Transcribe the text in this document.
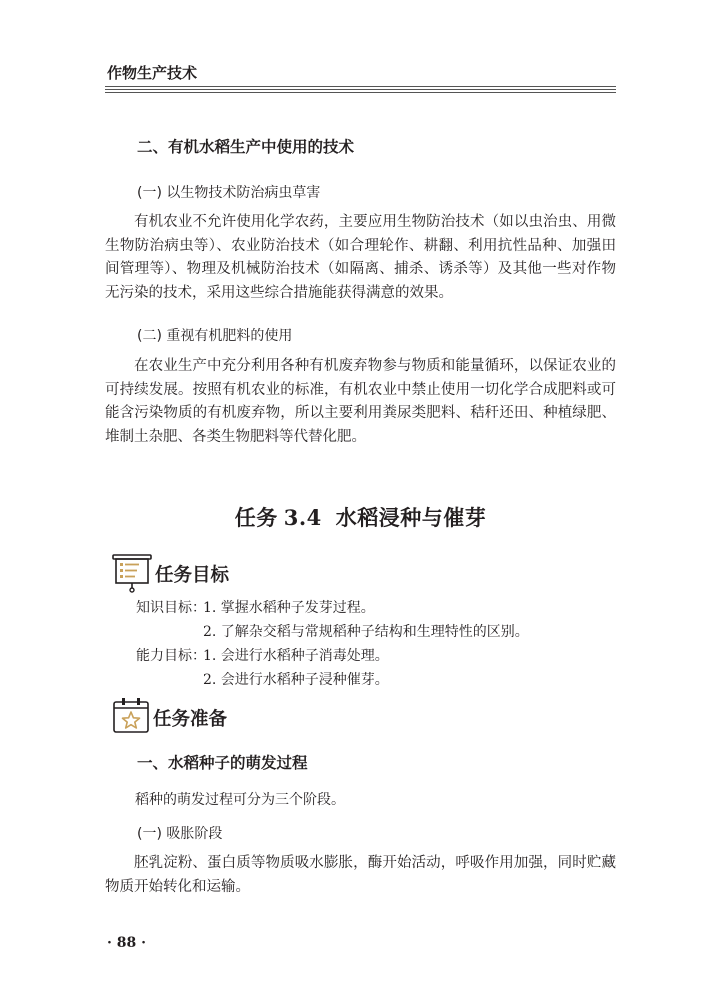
作物生产技术
二、有机水稻生产中使用的技术
(一) 以生物技术防治病虫草害

有机农业不允许使用化学农药，主要应用生物防治技术（如以虫治虫、用微生物防治病虫等）、农业防治技术（如合理轮作、耕翻、利用抗性品种、加强田间管理等）、物理及机械防治技术（如隔离、捕杀、诱杀等）及其他一些对作物无污染的技术，采用这些综合措施能获得满意的效果。

(二) 重视有机肥料的使用

在农业生产中充分利用各种有机废弃物参与物质和能量循环，以保证农业的可持续发展。按照有机农业的标准，有机农业中禁止使用一切化学合成肥料或可能含污染物质的有机废弃物，所以主要利用粪尿类肥料、秸秆还田、种植绿肥、堆制土杂肥、各类生物肥料等代替化肥。

任务 3.4 水稻浸种与催芽
任务目标
知识目标：
1. 掌握水稻种子发芽过程。
2. 了解杂交稻与常规稻种子结构和生理特性的区别。
能力目标：
1. 会进行水稻种子消毒处理。
2. 会进行水稻种子浸种催芽。
任务准备
一、水稻种子的萌发过程
稻种的萌发过程可分为三个阶段。
(一) 吸胀阶段

胚乳淀粉、蛋白质等物质吸水膨胀，酶开始活动，呼吸作用加强，同时贮藏物质开始转化和运输。

· 88 ·
